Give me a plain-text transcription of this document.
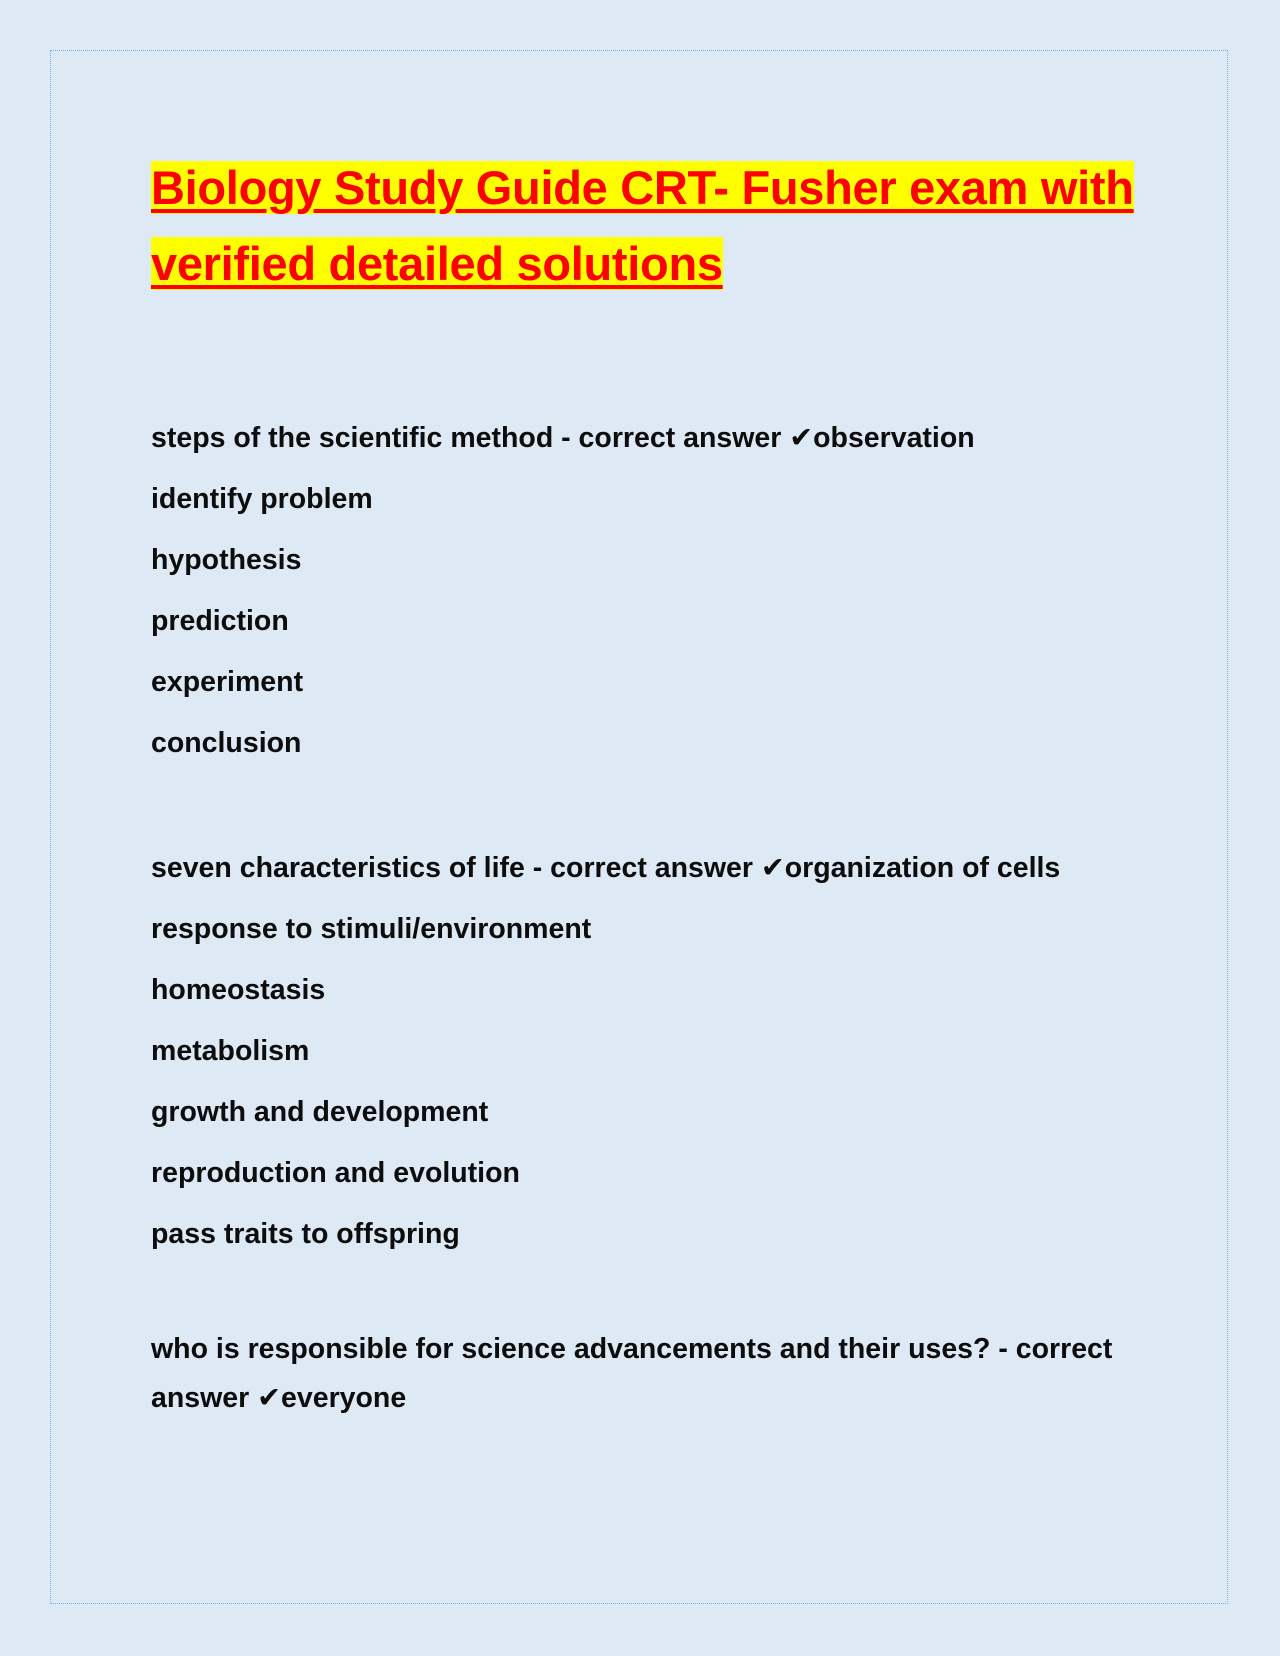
Biology Study Guide CRT- Fusher exam with verified detailed solutions

steps of the scientific method - correct answer ✔observation

identify problem

hypothesis

prediction

experiment

conclusion

seven characteristics of life - correct answer ✔organization of cells

response to stimuli/environment

homeostasis

metabolism

growth and development

reproduction and evolution

pass traits to offspring

who is responsible for science advancements and their uses? - correct answer ✔everyone
